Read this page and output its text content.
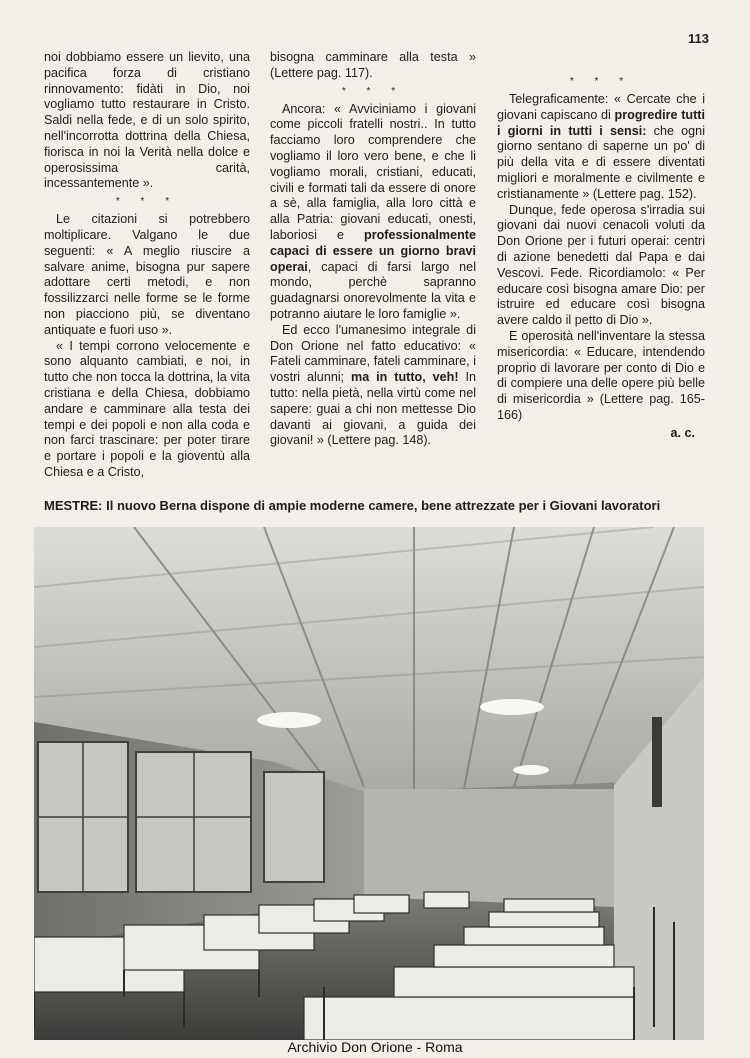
113

noi dobbiamo essere un lievito, una pacifica forza di cristiano rinnovamento: fidàti in Dio, noi vogliamo tutto restaurare in Cristo. Saldi nella fede, e di un solo spirito, nell'incorrotta dottrina della Chiesa, fiorisca in noi la Verità nella dolce e operosissima carità, incessantemente ».

* * *

Le citazioni si potrebbero moltiplicare. Valgano le due seguenti: « A meglio riuscire a salvare anime, bisogna pur sapere adottare certi metodi, e non fossilizzarci nelle forme se le forme non piacciono più, se diventano antiquate e fuori uso ».

« I tempi corrono velocemente e sono alquanto cambiati, e noi, in tutto che non tocca la dottrina, la vita cristiana e della Chiesa, dobbiamo andare e camminare alla testa dei tempi e dei popoli e non alla coda e non farci trascinare: per poter tirare e portare i popoli e la gioventù alla Chiesa e a Cristo,

bisogna camminare alla testa » (Lettere pag. 117).

* * *

Ancora: « Avviciniamo i giovani come piccoli fratelli nostri.. In tutto facciamo loro comprendere che vogliamo il loro vero bene, e che li vogliamo morali, cristiani, educati, civili e formati tali da essere di onore a sè, alla famiglia, alla loro città e alla Patria: giovani educati, onesti, laboriosi e professionalmente capaci di essere un giorno bravi operai, capaci di farsi largo nel mondo, perchè sapranno guadagnarsi onorevolmente la vita e potranno aiutare le loro famiglie ».

Ed ecco l'umanesimo integrale di Don Orione nel fatto educativo: « Fateli camminare, fateli camminare, i vostri alunni; ma in tutto, veh! In tutto: nella pietà, nella virtù come nel sapere: guai a chi non mettesse Dio davanti ai giovani, a guida dei giovani! » (Lettere pag. 148).

* * *

Telegraficamente: « Cercate che i giovani capiscano di progredire tutti i giorni in tutti i sensi: che ogni giorno sentano di saperne un po' di più della vita e di essere diventati migliori e moralmente e civilmente e cristianamente » (Lettere pag. 152).

Dunque, fede operosa s'irradia sui giovani dai nuovi cenacoli voluti da Don Orione per i futuri operai: centri di azione benedetti dal Papa e dai Vescovi. Fede. Ricordiamolo: « Per educare così bisogna amare Dio: per istruire ed educare così bisogna avere caldo il petto di Dio ».

E operosità nell'inventare la stessa misericordia: « Educare, intendendo proprio di lavorare per conto di Dio e di compiere una delle opere più belle di misericordia » (Lettere pag. 165-166)

a. c.

MESTRE: Il nuovo Berna dispone di ampie moderne camere, bene attrezzate per i Giovani lavoratori
Archivio Don Orione - Roma
